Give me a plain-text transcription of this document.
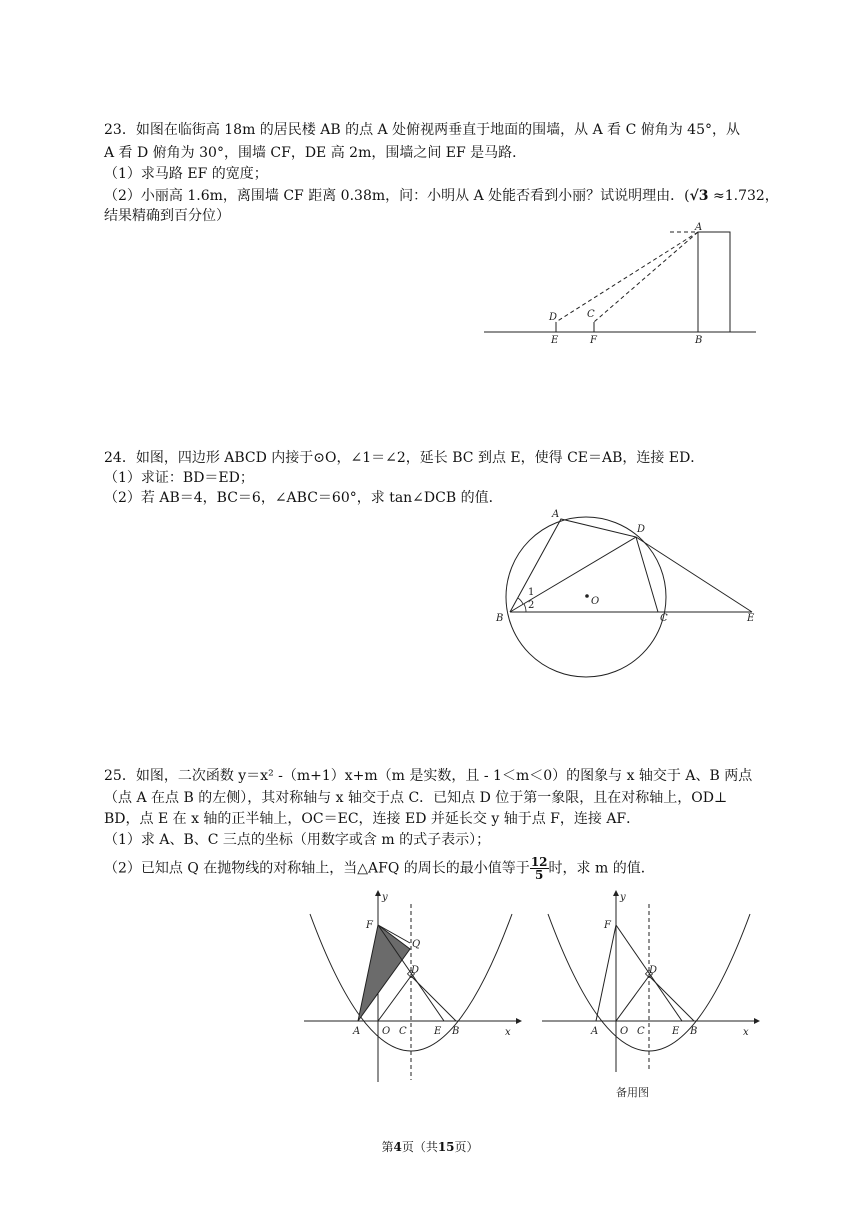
23．如图在临街高 18m 的居民楼 AB 的点 A 处俯视两垂直于地面的围墙，从 A 看 C 俯角为 45°，从
A 看 D 俯角为 30°，围墙 CF，DE 高 2m，围墙之间 EF 是马路．
（1）求马路 EF 的宽度；
（2）小丽高 1.6m，离围墙 CF 距离 0.38m，问：小明从 A 处能否看到小丽？试说明理由．(√3 ≈1.732，
结果精确到百分位）
A
B
D	C
E	F
24．如图，四边形 ABCD 内接于⊙O，∠1＝∠2，延长 BC 到点 E，使得 CE＝AB，连接 ED．
（1）求证：BD＝ED；
（2）若 AB＝4，BC＝6，∠ABC＝60°，求 tan∠DCB 的值．
A
D
B	C	E
O
1
2
25．如图，二次函数 y＝x² ‐（m+1）x+m（m 是实数，且 ‐ 1＜m＜0）的图象与 x 轴交于 A、B 两点
（点 A 在点 B 的左侧），其对称轴与 x 轴交于点 C．已知点 D 位于第一象限，且在对称轴上，OD⊥
BD，点 E 在 x 轴的正半轴上，OC＝EC，连接 ED 并延长交 y 轴于点 F，连接 AF．
（1）求 A、B、C 三点的坐标（用数字或含 m 的式子表示）；
（2）已知点 Q 在抛物线的对称轴上，当△AFQ 的周长的最小值等于 $\frac{12}{5}$ 时，求 m 的值．
F
Q
D
A O C	E B	x
y
F
D
A O C	E B	x
y
备用图
第4页（共15页）
